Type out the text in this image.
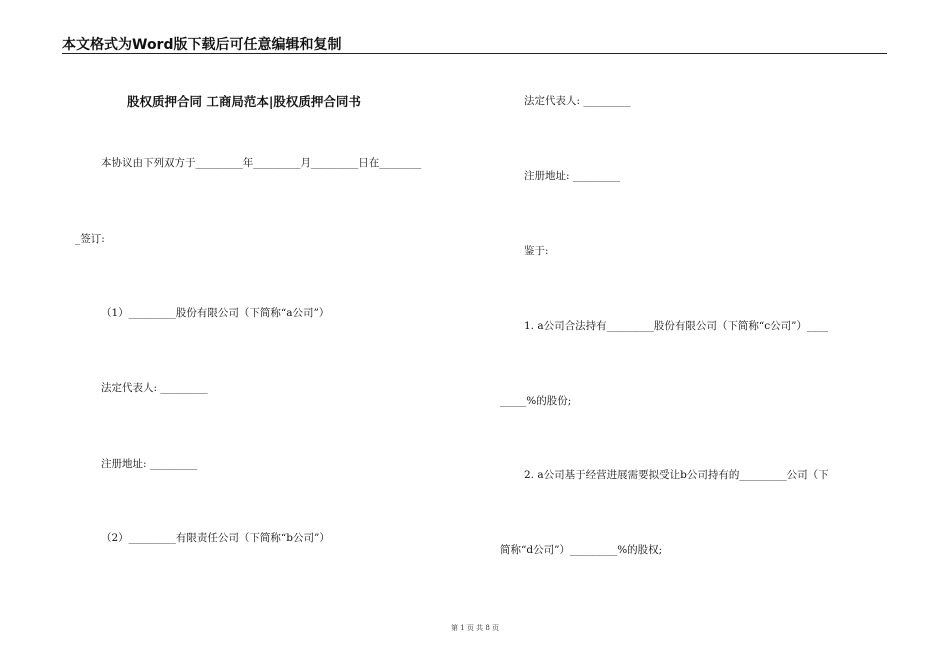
本文格式为Word版下载后可任意编辑和复制
股权质押合同 工商局范本|股权质押合同书
本协议由下列双方于_________年_________月_________日在________
_签订:
（1）_________股份有限公司（下简称“a公司”）
法定代表人: _________
注册地址: _________
（2）_________有限责任公司（下简称“b公司”）
法定代表人: _________
注册地址: _________
鉴于:
1. a公司合法持有_________股份有限公司（下简称“c公司”）____
_____%的股份;
2. a公司基于经营进展需要拟受让b公司持有的_________公司（下
简称“d公司”）_________%的股权;
第 1 页 共 8 页
